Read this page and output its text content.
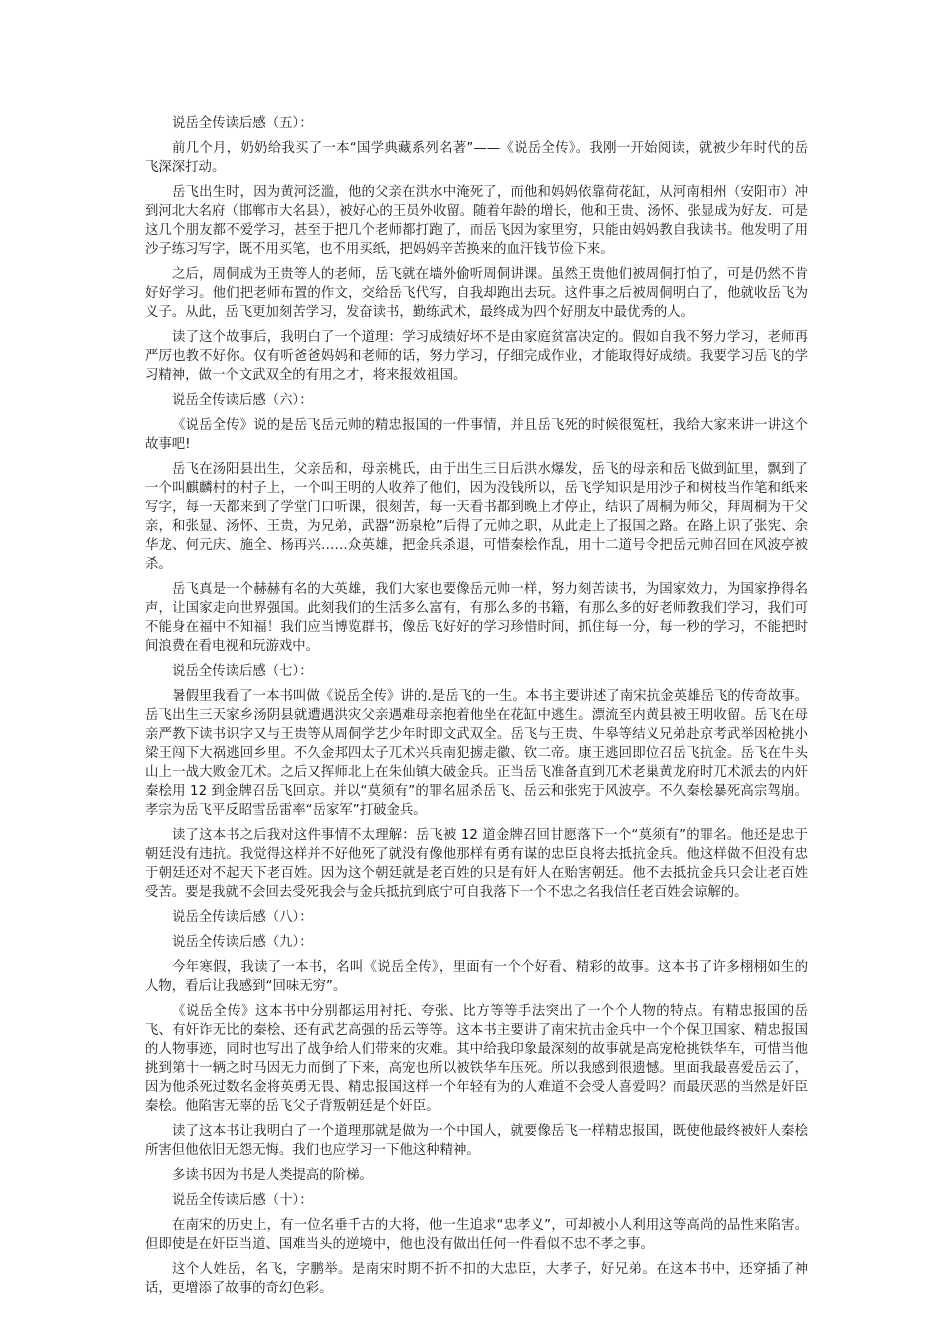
说岳全传读后感（五）：

前几个月，奶奶给我买了一本“国学典藏系列名著”——《说岳全传》。我刚一开始阅读，就被少年时代的岳飞深深打动。

岳飞出生时，因为黄河泛滥，他的父亲在洪水中淹死了，而他和妈妈依靠荷花缸，从河南相州（安阳市）冲到河北大名府（邯郸市大名县），被好心的王员外收留。随着年龄的增长，他和王贵、汤怀、张显成为好友．可是这几个朋友都不爱学习，甚至于把几个老师都打跑了，而岳飞因为家里穷，只能由妈妈教自我读书。他发明了用沙子练习写字，既不用买笔，也不用买纸，把妈妈辛苦换来的血汗钱节俭下来。

之后，周侗成为王贵等人的老师，岳飞就在墙外偷听周侗讲课。虽然王贵他们被周侗打怕了，可是仍然不肯好好学习。他们把老师布置的作文，交给岳飞代写，自我却跑出去玩。这件事之后被周侗明白了，他就收岳飞为义子。从此，岳飞更加刻苦学习，发奋读书，勤练武术，最终成为四个好朋友中最优秀的人。

读了这个故事后，我明白了一个道理：学习成绩好坏不是由家庭贫富决定的。假如自我不努力学习，老师再严厉也教不好你。仅有听爸爸妈妈和老师的话，努力学习，仔细完成作业，才能取得好成绩。我要学习岳飞的学习精神，做一个文武双全的有用之才，将来报效祖国。

说岳全传读后感（六）：

《说岳全传》说的是岳飞岳元帅的精忠报国的一件事情，并且岳飞死的时候很冤枉，我给大家来讲一讲这个故事吧!

岳飞在汤阳县出生，父亲岳和，母亲桃氏，由于出生三日后洪水爆发，岳飞的母亲和岳飞做到缸里，飘到了一个叫麒麟村的村子上，一个叫王明的人收养了他们，因为没钱所以，岳飞学知识是用沙子和树枝当作笔和纸来写字，每一天都来到了学堂门口听课，很刻苦，每一天看书都到晚上才停止，结识了周桐为师父，拜周桐为干父亲，和张显、汤怀、王贵，为兄弟，武器“沥泉枪”后得了元帅之职，从此走上了报国之路。在路上识了张宪、余华龙、何元庆、施全、杨再兴……众英雄，把金兵杀退，可惜秦桧作乱，用十二道号令把岳元帅召回在风波亭被杀。

岳飞真是一个赫赫有名的大英雄，我们大家也要像岳元帅一样，努力刻苦读书，为国家效力，为国家挣得名声，让国家走向世界强国。此刻我们的生活多么富有，有那么多的书籍，有那么多的好老师教我们学习，我们可不能身在福中不知福！我们应当博览群书，像岳飞好好的学习珍惜时间，抓住每一分，每一秒的学习，不能把时间浪费在看电视和玩游戏中。

说岳全传读后感（七）：

暑假里我看了一本书叫做《说岳全传》讲的.是岳飞的一生。本书主要讲述了南宋抗金英雄岳飞的传奇故事。岳飞出生三天家乡汤阴县就遭遇洪灾父亲遇难母亲抱着他坐在花缸中逃生。漂流至内黄县被王明收留。岳飞在母亲严教下读书识字又与王贵等从周侗学艺少年时即文武双全。岳飞与王贵、牛皋等结义兄弟赴京考武举因枪挑小梁王闯下大祸逃回乡里。不久金邦四太子兀术兴兵南犯掳走徽、钦二帝。康王逃回即位召岳飞抗金。岳飞在牛头山上一战大败金兀术。之后又挥师北上在朱仙镇大破金兵。正当岳飞准备直到兀术老巢黄龙府时兀术派去的内奸秦桧用 12 到金牌召岳飞回京。并以“莫须有”的罪名屈杀岳飞、岳云和张宪于风波亭。不久秦桧暴死高宗驾崩。孝宗为岳飞平反昭雪岳雷率“岳家军”打破金兵。

读了这本书之后我对这件事情不太理解：岳飞被 12 道金牌召回甘愿落下一个“莫须有”的罪名。他还是忠于朝廷没有违抗。我觉得这样并不好他死了就没有像他那样有勇有谋的忠臣良将去抵抗金兵。他这样做不但没有忠于朝廷还对不起天下老百姓。因为这个朝廷就是老百姓的只是有奸人在贻害朝廷。他不去抵抗金兵只会让老百姓受苦。要是我就不会回去受死我会与金兵抵抗到底宁可自我落下一个不忠之名我信任老百姓会谅解的。

说岳全传读后感（八）：

说岳全传读后感（九）：

今年寒假，我读了一本书，名叫《说岳全传》，里面有一个个好看、精彩的故事。这本书了许多栩栩如生的人物，看后让我感到“回味无穷”。

《说岳全传》这本书中分别都运用衬托、夸张、比方等等手法突出了一个个人物的特点。有精忠报国的岳飞、有奸诈无比的秦桧、还有武艺高强的岳云等等。这本书主要讲了南宋抗击金兵中一个个保卫国家、精忠报国的人物事迹，同时也写出了战争给人们带来的灾难。其中给我印象最深刻的故事就是高宠枪挑铁华车，可惜当他挑到第十一辆之时马因无力而倒了下来，高宠也所以被铁华车压死。所以我感到很遗憾。里面我最喜爱岳云了，因为他杀死过数名金将英勇无畏、精忠报国这样一个年轻有为的人难道不会受人喜爱吗？而最厌恶的当然是奸臣秦桧。他陷害无辜的岳飞父子背叛朝廷是个奸臣。

读了这本书让我明白了一个道理那就是做为一个中国人，就要像岳飞一样精忠报国，既使他最终被奸人秦桧所害但他依旧无怨无悔。我们也应学习一下他这种精神。

多读书因为书是人类提高的阶梯。

说岳全传读后感（十）：

在南宋的历史上，有一位名垂千古的大将，他一生追求“忠孝义”，可却被小人利用这等高尚的品性来陷害。但即使是在奸臣当道、国难当头的逆境中，他也没有做出任何一件看似不忠不孝之事。

这个人姓岳，名飞，字鹏举。是南宋时期不折不扣的大忠臣，大孝子，好兄弟。在这本书中，还穿插了神话，更增添了故事的奇幻色彩。
